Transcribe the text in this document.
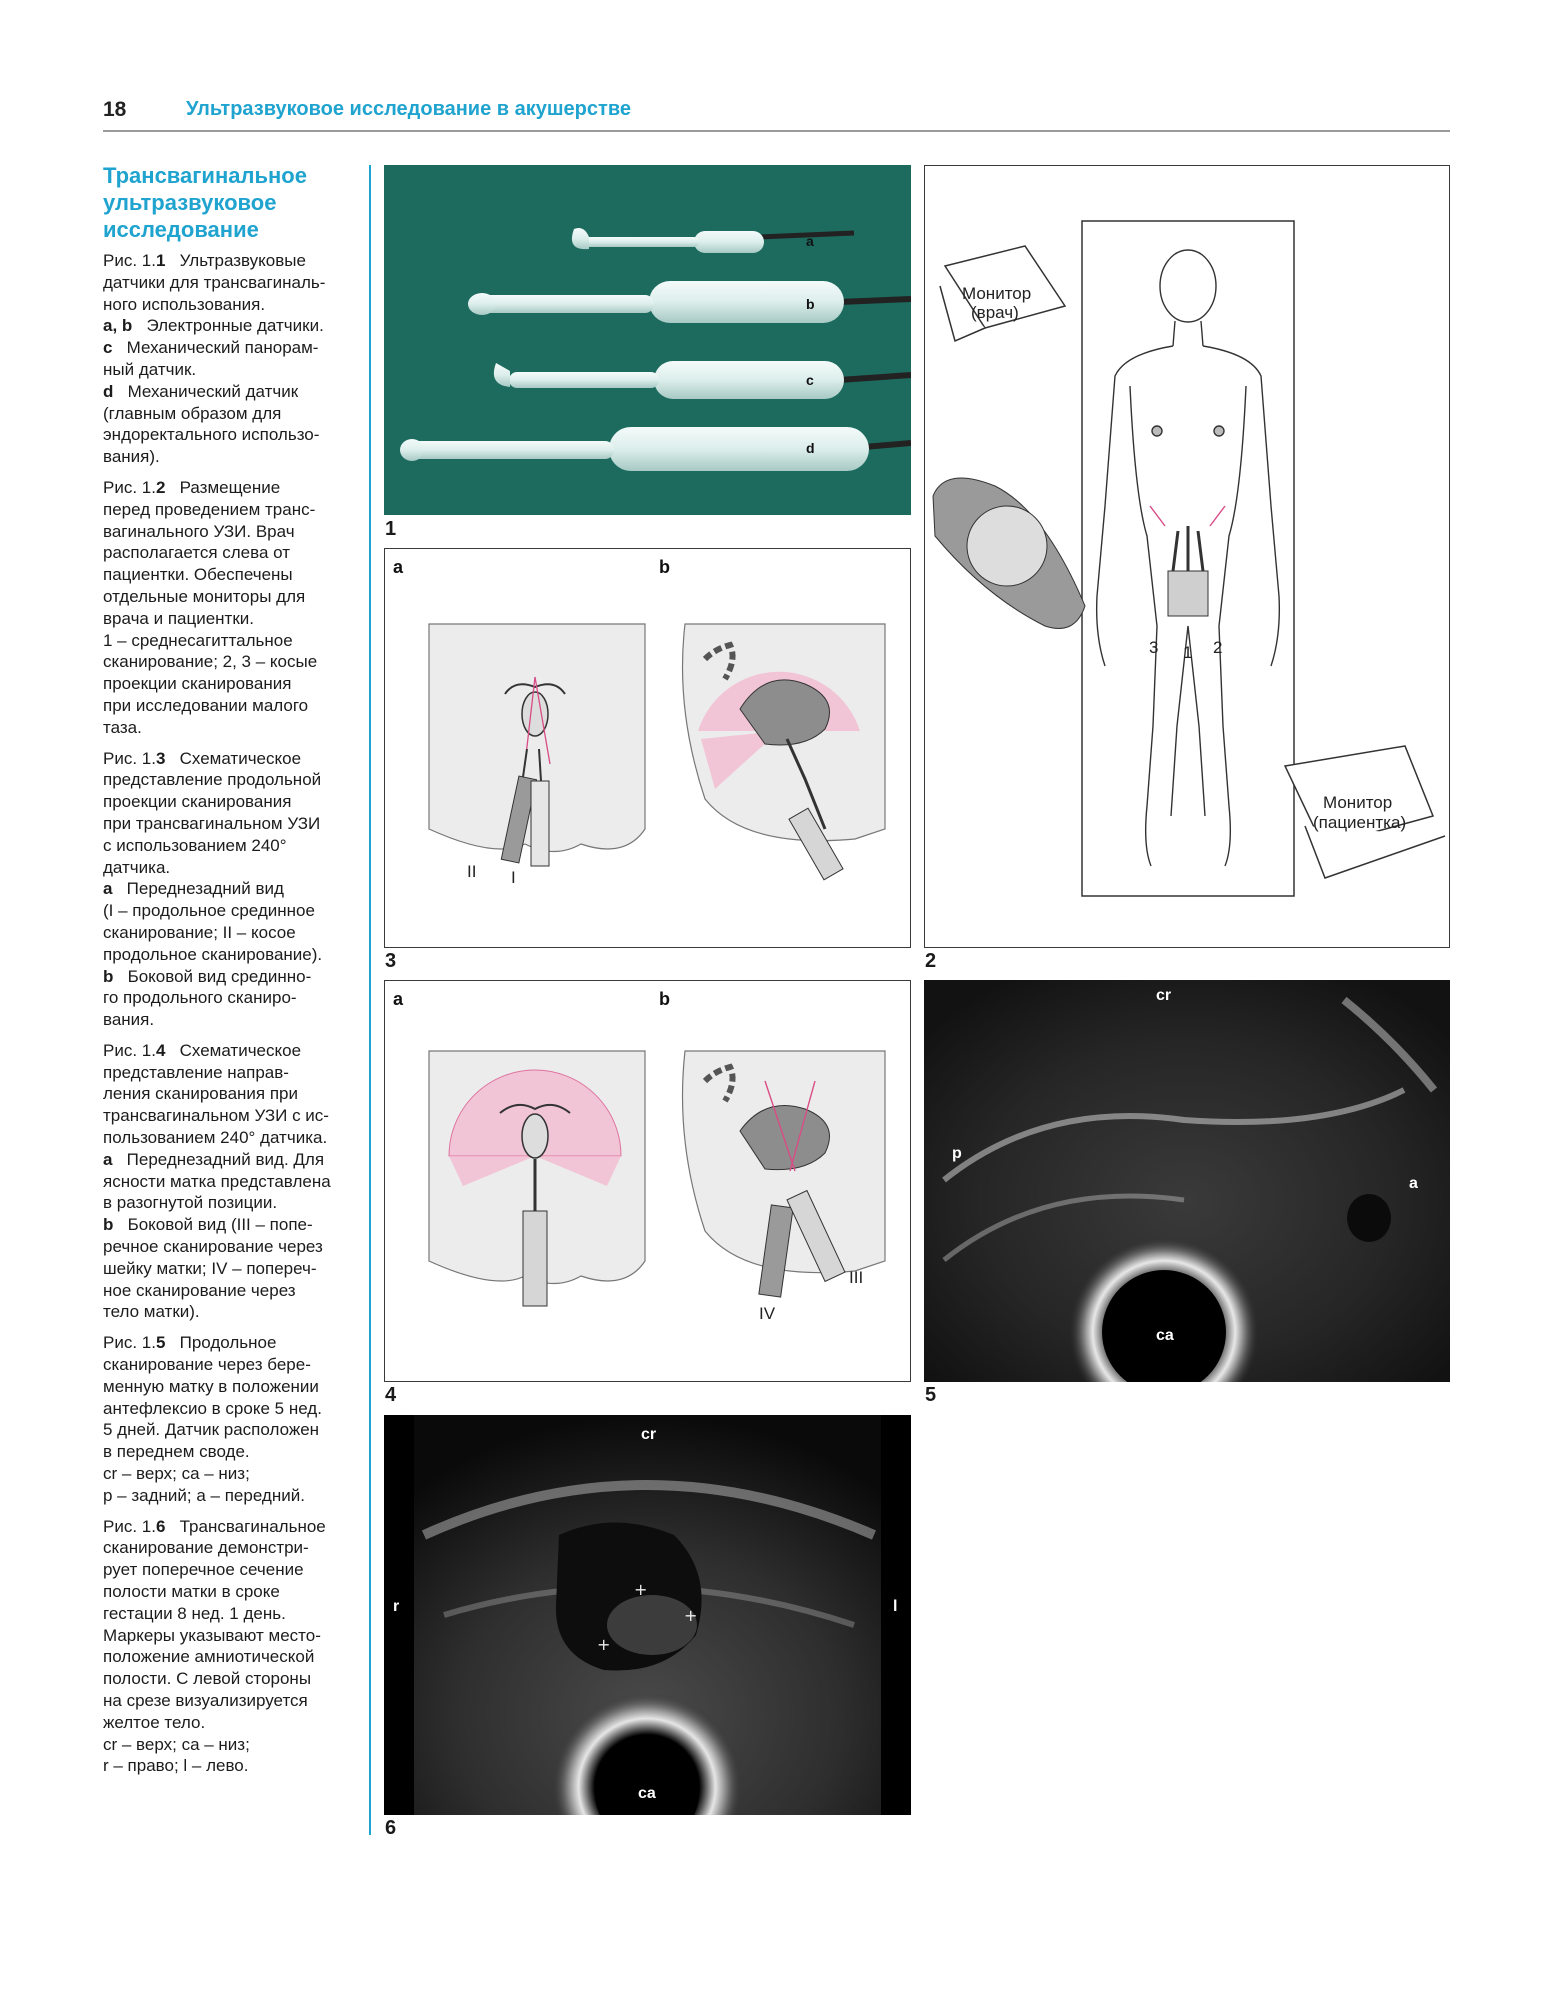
18	Ультразвуковое исследование в акушерстве
Трансвагинальное
ультразвуковое
исследование
Рис. 1.1 Ультразвуковые
датчики для трансвагиналь-
ного использования.
a, b Электронные датчики.
c Механический панорам-
ный датчик.
d Механический датчик
(главным образом для
эндоректального использо-
вания).
Рис. 1.2 Размещение
перед проведением транс-
вагинального УЗИ. Врач
располагается слева от
пациентки. Обеспечены
отдельные мониторы для
врача и пациентки.
1 – среднесагиттальное
сканирование; 2, 3 – косые
проекции сканирования
при исследовании малого
таза.
Рис. 1.3 Схематическое
представление продольной
проекции сканирования
при трансвагинальном УЗИ
с использованием 240°
датчика.
a Переднезадний вид
(I – продольное срединное
сканирование; II – косое
продольное сканирование).
b Боковой вид срединно-
го продольного сканиро-
вания.
Рис. 1.4 Схематическое
представление направ-
ления сканирования при
трансвагинальном УЗИ с ис-
пользованием 240° датчика.
a Переднезадний вид. Для
ясности матка представлена
в разогнутой позиции.
b Боковой вид (III – попе-
речное сканирование через
шейку матки; IV – попереч-
ное сканирование через
тело матки).
Рис. 1.5 Продольное
сканирование через бере-
менную матку в положении
антефлексио в сроке 5 нед.
5 дней. Датчик расположен
в переднем своде.
cr – верх; ca – низ;
p – задний; a – передний.
Рис. 1.6 Трансвагинальное
сканирование демонстри-
рует поперечное сечение
полости матки в сроке
гестации 8 нед. 1 день.
Маркеры указывают место-
положение амниотической
полости. С левой стороны
на срезе визуализируется
желтое тело.
cr – верх; ca – низ;
r – право; l – лево.
a
b
c
d
1
a	b
II I
3
Монитор
(врач)
3 1 2
Монитор
(пациентка)
2
a	b
IV
III
4
cr
p
a
ca
5
+
+
+
cr
r	l
ca
6
